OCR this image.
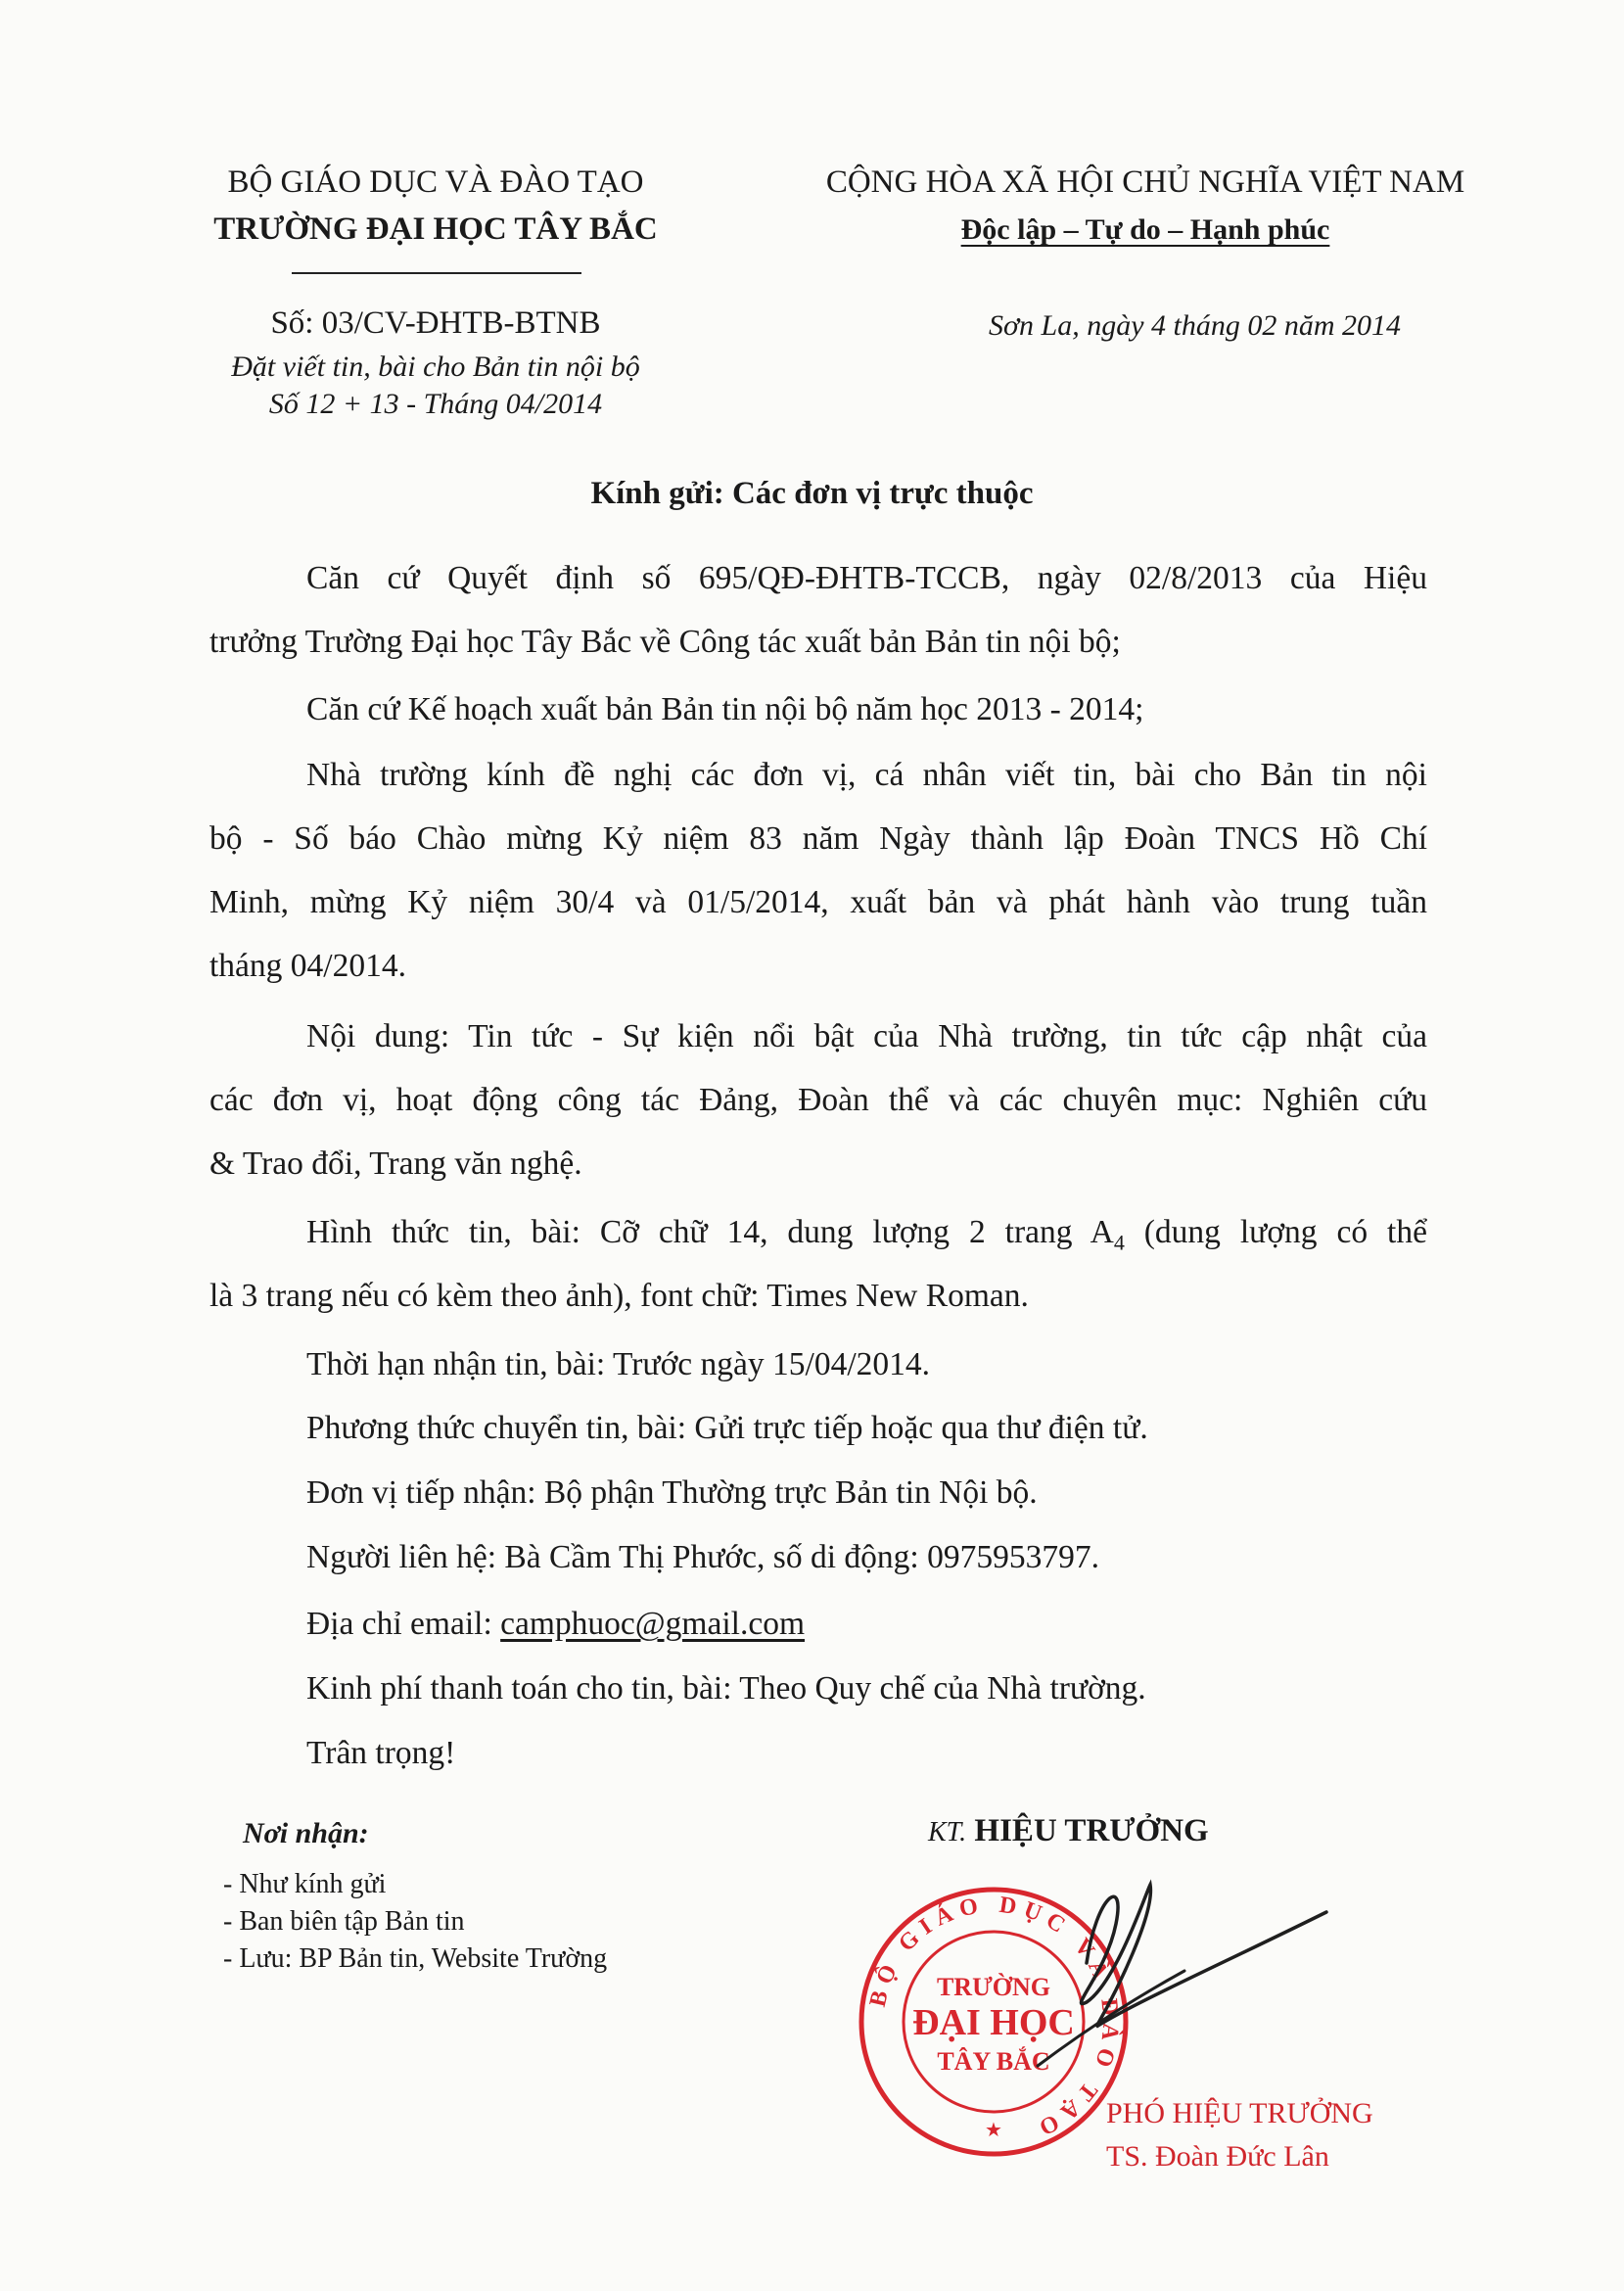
BỘ GIÁO DỤC VÀ ĐÀO TẠO
TRƯỜNG ĐẠI HỌC TÂY BẮC
CỘNG HÒA XÃ HỘI CHỦ NGHĨA VIỆT NAM
Độc lập – Tự do – Hạnh phúc
Số: 03/CV-ĐHTB-BTNB
Đặt viết tin, bài cho Bản tin nội bộ
Số 12 + 13 - Tháng 04/2014
Sơn La, ngày 4 tháng 02 năm 2014
Kính gửi: Các đơn vị trực thuộc
Căn cứ Quyết định số 695/QĐ-ĐHTB-TCCB, ngày 02/8/2013 của Hiệu
trưởng Trường Đại học Tây Bắc về Công tác xuất bản Bản tin nội bộ;
Căn cứ Kế hoạch xuất bản Bản tin nội bộ năm học 2013 - 2014;
Nhà trường kính đề nghị các đơn vị, cá nhân viết tin, bài cho Bản tin nội
bộ - Số báo Chào mừng Kỷ niệm 83 năm Ngày thành lập Đoàn TNCS Hồ Chí
Minh, mừng Kỷ niệm 30/4 và 01/5/2014, xuất bản và phát hành vào trung tuần
tháng 04/2014.
Nội dung: Tin tức - Sự kiện nổi bật của Nhà trường, tin tức cập nhật của
các đơn vị, hoạt động công tác Đảng, Đoàn thể và các chuyên mục: Nghiên cứu
& Trao đổi, Trang văn nghệ.
Hình thức tin, bài: Cỡ chữ 14, dung lượng 2 trang $A_4$ (dung lượng có thể
là 3 trang nếu có kèm theo ảnh), font chữ: Times New Roman.
Thời hạn nhận tin, bài: Trước ngày 15/04/2014.
Phương thức chuyển tin, bài: Gửi trực tiếp hoặc qua thư điện tử.
Đơn vị tiếp nhận: Bộ phận Thường trực Bản tin Nội bộ.
Người liên hệ: Bà Cầm Thị Phước, số di động: 0975953797.
Địa chỉ email: camphuoc@gmail.com
Kinh phí thanh toán cho tin, bài: Theo Quy chế của Nhà trường.
Trân trọng!
Nơi nhận:
- Như kính gửi
- Ban biên tập Bản tin
- Lưu: BP Bản tin, Website Trường
KT. HIỆU TRƯỞNG
BỘ GIÁO DỤC VÀ ĐÀO TẠO
TRƯỜNG
ĐẠI HỌC
TÂY BẮC
★
PHÓ HIỆU TRƯỞNG
TS. Đoàn Đức Lân
